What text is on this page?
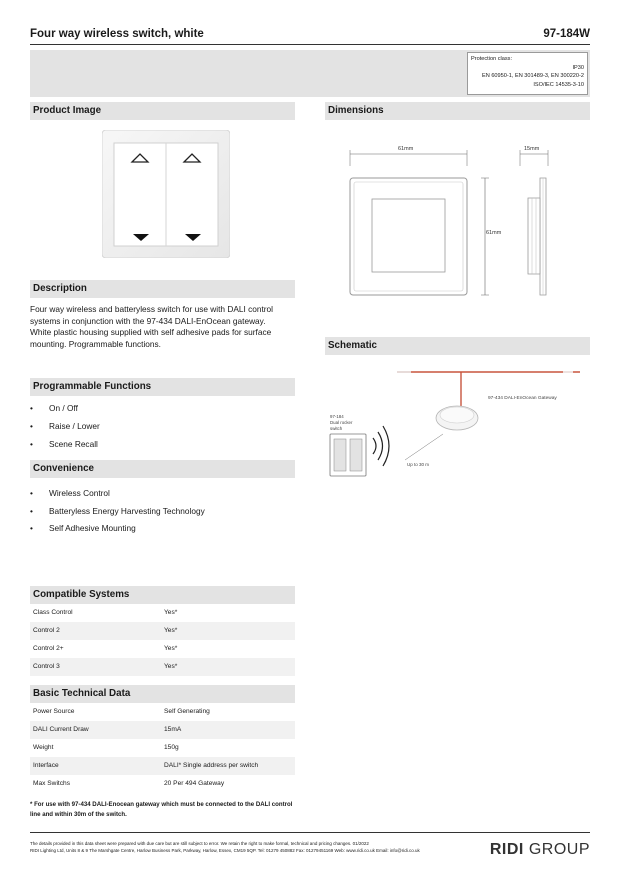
Four way wireless switch, white	97-184W
Protection class:
IP30
EN 60950-1, EN 301489-3, EN 300220-2
ISO/IEC 14535-3-10
Product Image	Dimensions
61mm
61mm
15mm
Description
Four way wireless and batteryless switch for use with DALI control
systems in conjunction with the 97-434 DALI-EnOcean gateway.
White plastic housing supplied with self adhesive pads for surface
mounting. Programmable functions.	Schematic
97-434 DALI-EnOcean Gateway
Up to 30 m
97-184
Dual rocker
switch
Programmable Functions
• On / Off
• Raise / Lower
• Scene Recall
Convenience
• Wireless Control
• Batteryless Energy Harvesting Technology
• Self Adhesive Mounting
Compatible Systems
Class Control	Yes*
Control 2	Yes*
Control 2+	Yes*
Control 3	Yes*
Basic Technical Data
Power Source	Self Generating
DALI Current Draw	15mA
Weight	150g
Interface	DALI* Single address per switch
Max Switchs	20 Per 494 Gateway
* For use with 97-434 DALI-Enocean gateway which must be connected to the DALI control
line and within 30m of the switch.
The details provided in this data sheet were prepared with due care but are still subject to error. We retain the right to make formal, technical and pricing changes. 01/2022
RIDI Lighting Ltd, Units 8 & 9 The Marshgate Centre, Harlow Business Park, Parkway, Harlow, Essex, CM19 5QP. Tel: 01279 450882 Fax: 01279451169 Web: www.ridi.co.uk Email: info@ridi.co.uk	RIDI GROUP
